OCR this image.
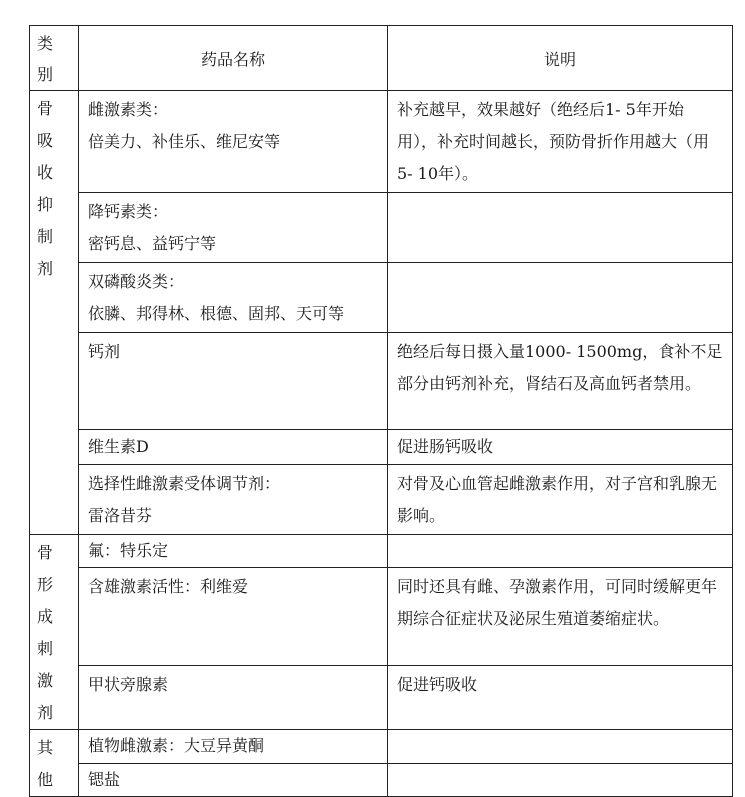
类别	药品名称	说明

骨吸收抑制剂	雌激素类：
倍美力、补佳乐、维尼安等	补充越早，效果越好（绝经后1- 5年开始用），补充时间越长，预防骨折作用越大（用5- 10年）。

	降钙素类：
密钙息、益钙宁等	

	双磷酸炎类：
依膦、邦得林、根德、固邦、天可等	

	钙剂	绝经后每日摄入量1000- 1500mg，食补不足部分由钙剂补充，肾结石及高血钙者禁用。

	维生素D	促进肠钙吸收

	选择性雌激素受体调节剂：
雷洛昔芬	对骨及心血管起雌激素作用，对子宫和乳腺无影响。

骨形成刺激剂	氟：特乐定	

	含雄激素活性：利维爱	同时还具有雌、孕激素作用，可同时缓解更年期综合征症状及泌尿生殖道萎缩症状。

	甲状旁腺素	促进钙吸收

其他	植物雌激素：大豆异黄酮	

	锶盐	
